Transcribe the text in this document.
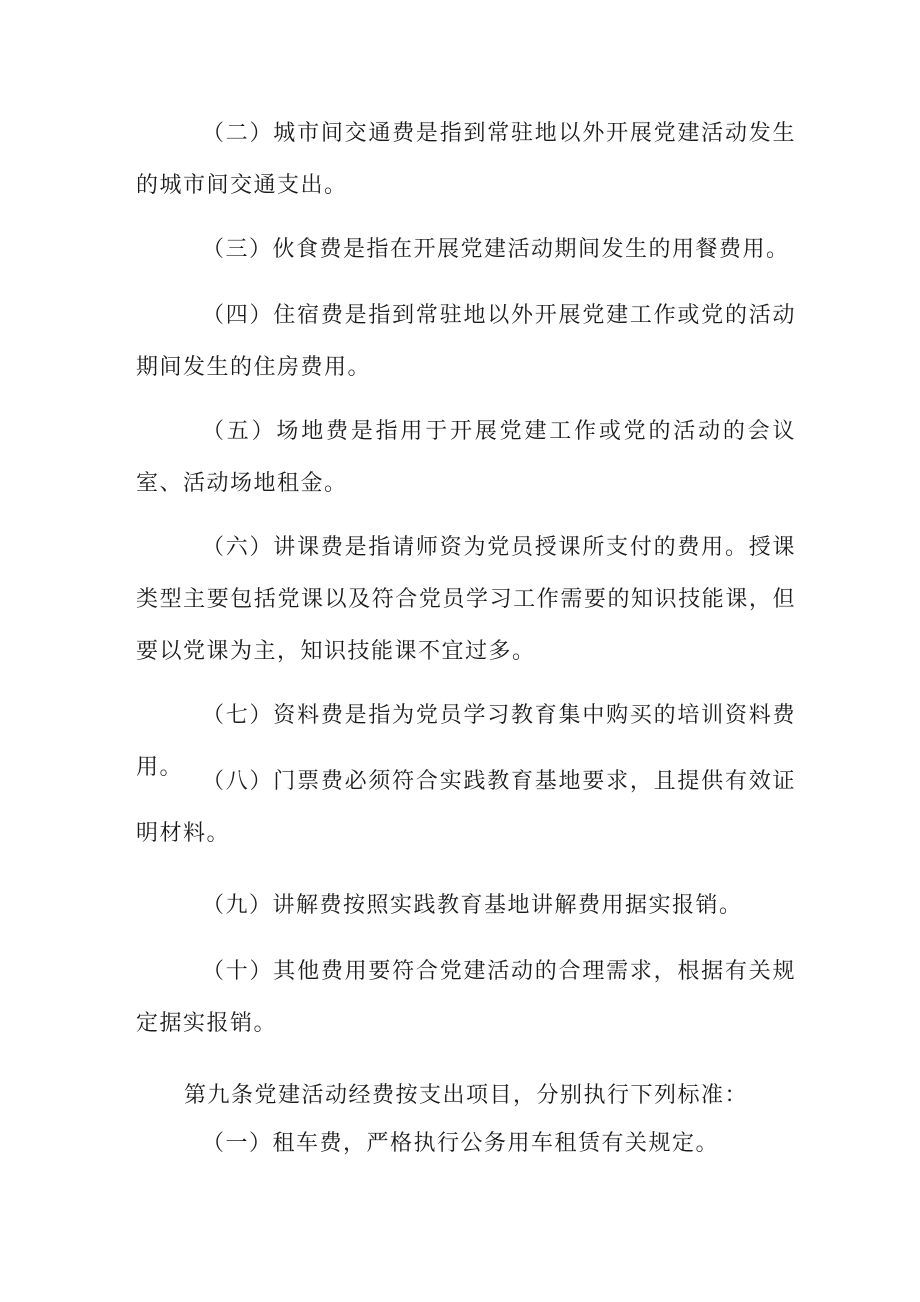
（二）城市间交通费是指到常驻地以外开展党建活动发生的城市间交通支出。

（三）伙食费是指在开展党建活动期间发生的用餐费用。

（四）住宿费是指到常驻地以外开展党建工作或党的活动期间发生的住房费用。

（五）场地费是指用于开展党建工作或党的活动的会议室、活动场地租金。

（六）讲课费是指请师资为党员授课所支付的费用。授课类型主要包括党课以及符合党员学习工作需要的知识技能课，但要以党课为主，知识技能课不宜过多。

（七）资料费是指为党员学习教育集中购买的培训资料费用。

（八）门票费必须符合实践教育基地要求，且提供有效证明材料。

（九）讲解费按照实践教育基地讲解费用据实报销。

（十）其他费用要符合党建活动的合理需求，根据有关规定据实报销。

第九条党建活动经费按支出项目，分别执行下列标准：

（一）租车费，严格执行公务用车租赁有关规定。
